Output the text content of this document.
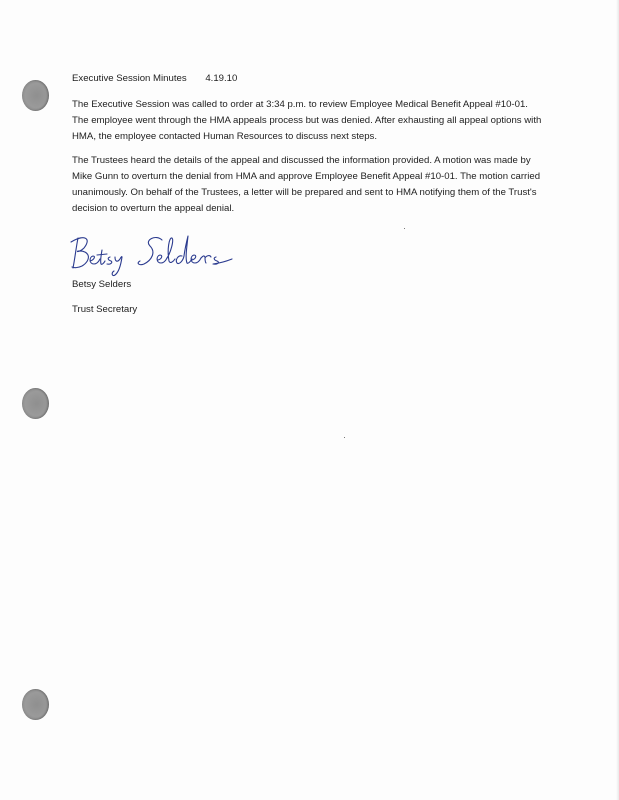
Executive Session Minutes 4.19.10

The Executive Session was called to order at 3:34 p.m. to review Employee Medical Benefit Appeal #10-01. The employee went through the HMA appeals process but was denied. After exhausting all appeal options with HMA, the employee contacted Human Resources to discuss next steps.

The Trustees heard the details of the appeal and discussed the information provided. A motion was made by Mike Gunn to overturn the denial from HMA and approve Employee Benefit Appeal #10-01. The motion carried unanimously. On behalf of the Trustees, a letter will be prepared and sent to HMA notifying them of the Trust's decision to overturn the appeal denial.

Betsy Selders
Trust Secretary
